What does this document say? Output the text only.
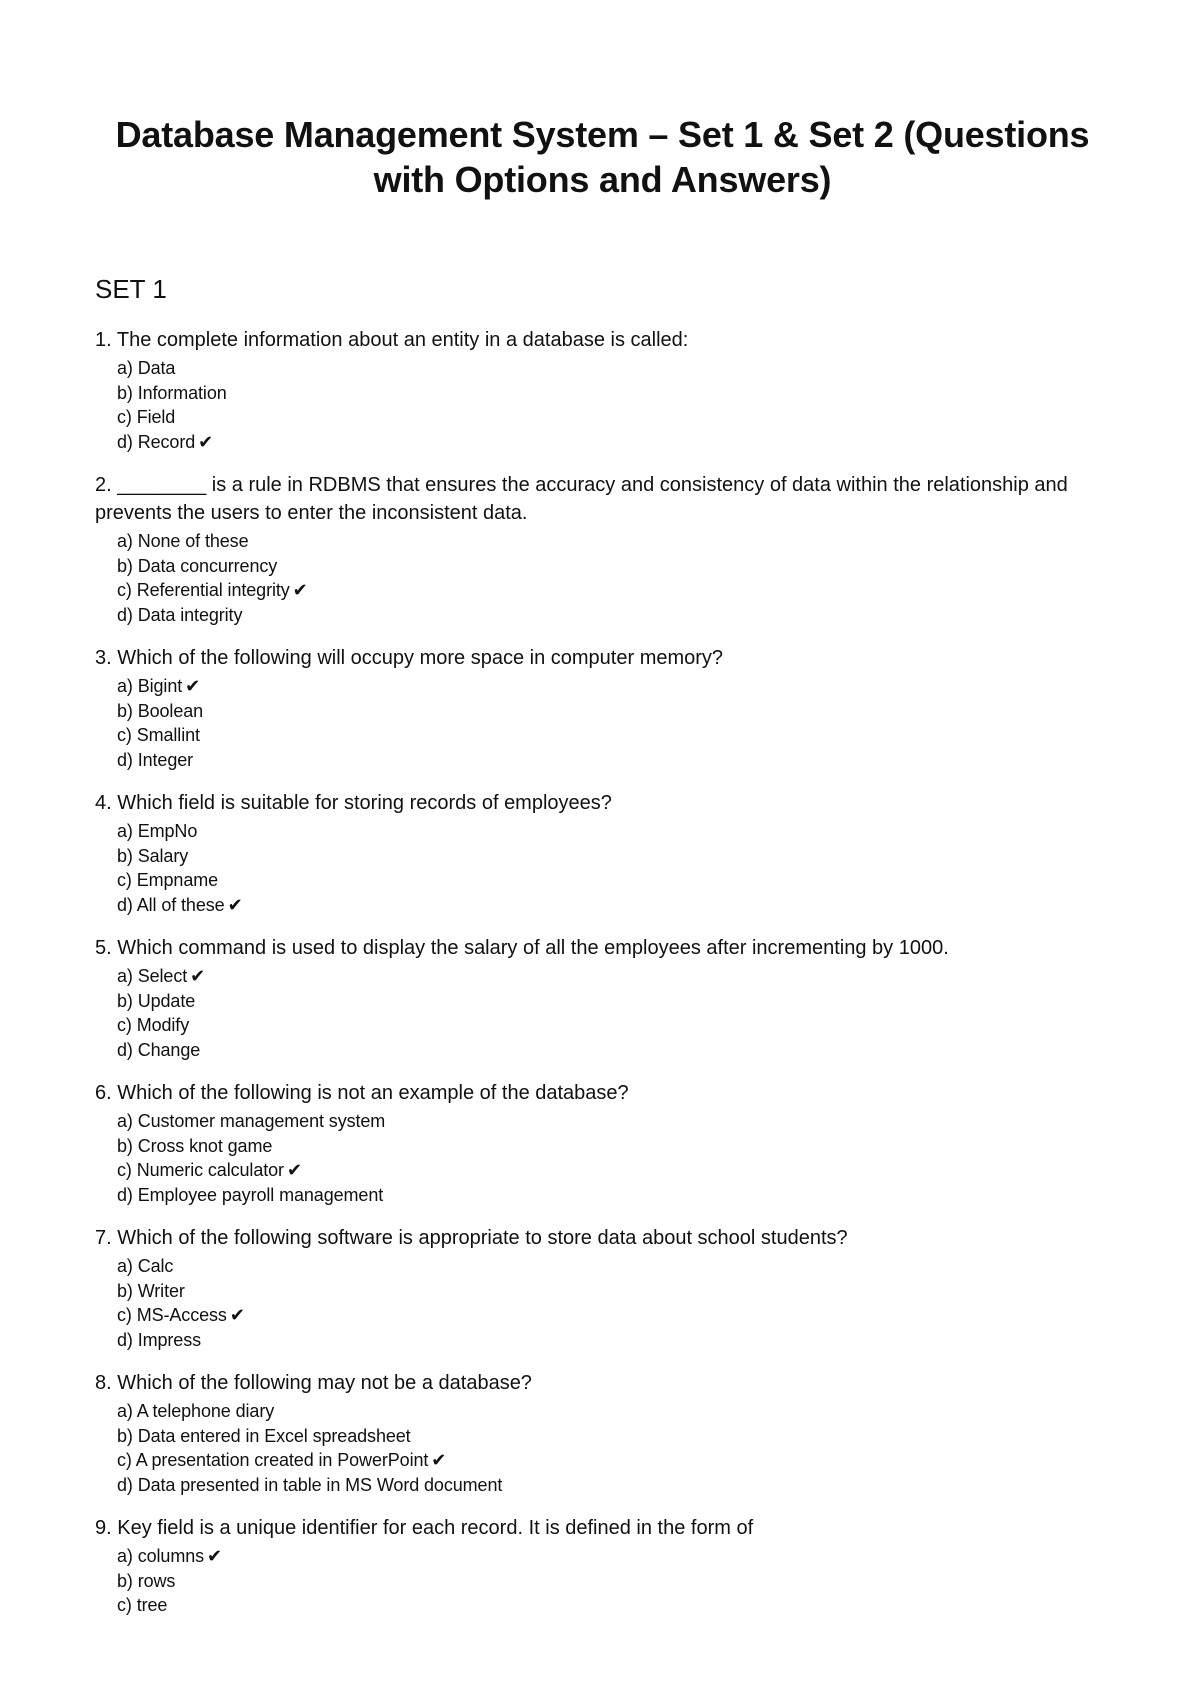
Database Management System – Set 1 & Set 2 (Questions with Options and Answers)
SET 1
1. The complete information about an entity in a database is called:
a) Data
b) Information
c) Field
d) Record ✔
2. ________ is a rule in RDBMS that ensures the accuracy and consistency of data within the relationship and prevents the users to enter the inconsistent data.
a) None of these
b) Data concurrency
c) Referential integrity ✔
d) Data integrity
3. Which of the following will occupy more space in computer memory?
a) Bigint ✔
b) Boolean
c) Smallint
d) Integer
4. Which field is suitable for storing records of employees?
a) EmpNo
b) Salary
c) Empname
d) All of these ✔
5. Which command is used to display the salary of all the employees after incrementing by 1000.
a) Select ✔
b) Update
c) Modify
d) Change
6. Which of the following is not an example of the database?
a) Customer management system
b) Cross knot game
c) Numeric calculator ✔
d) Employee payroll management
7. Which of the following software is appropriate to store data about school students?
a) Calc
b) Writer
c) MS-Access ✔
d) Impress
8. Which of the following may not be a database?
a) A telephone diary
b) Data entered in Excel spreadsheet
c) A presentation created in PowerPoint ✔
d) Data presented in table in MS Word document
9. Key field is a unique identifier for each record. It is defined in the form of
a) columns ✔
b) rows
c) tree
